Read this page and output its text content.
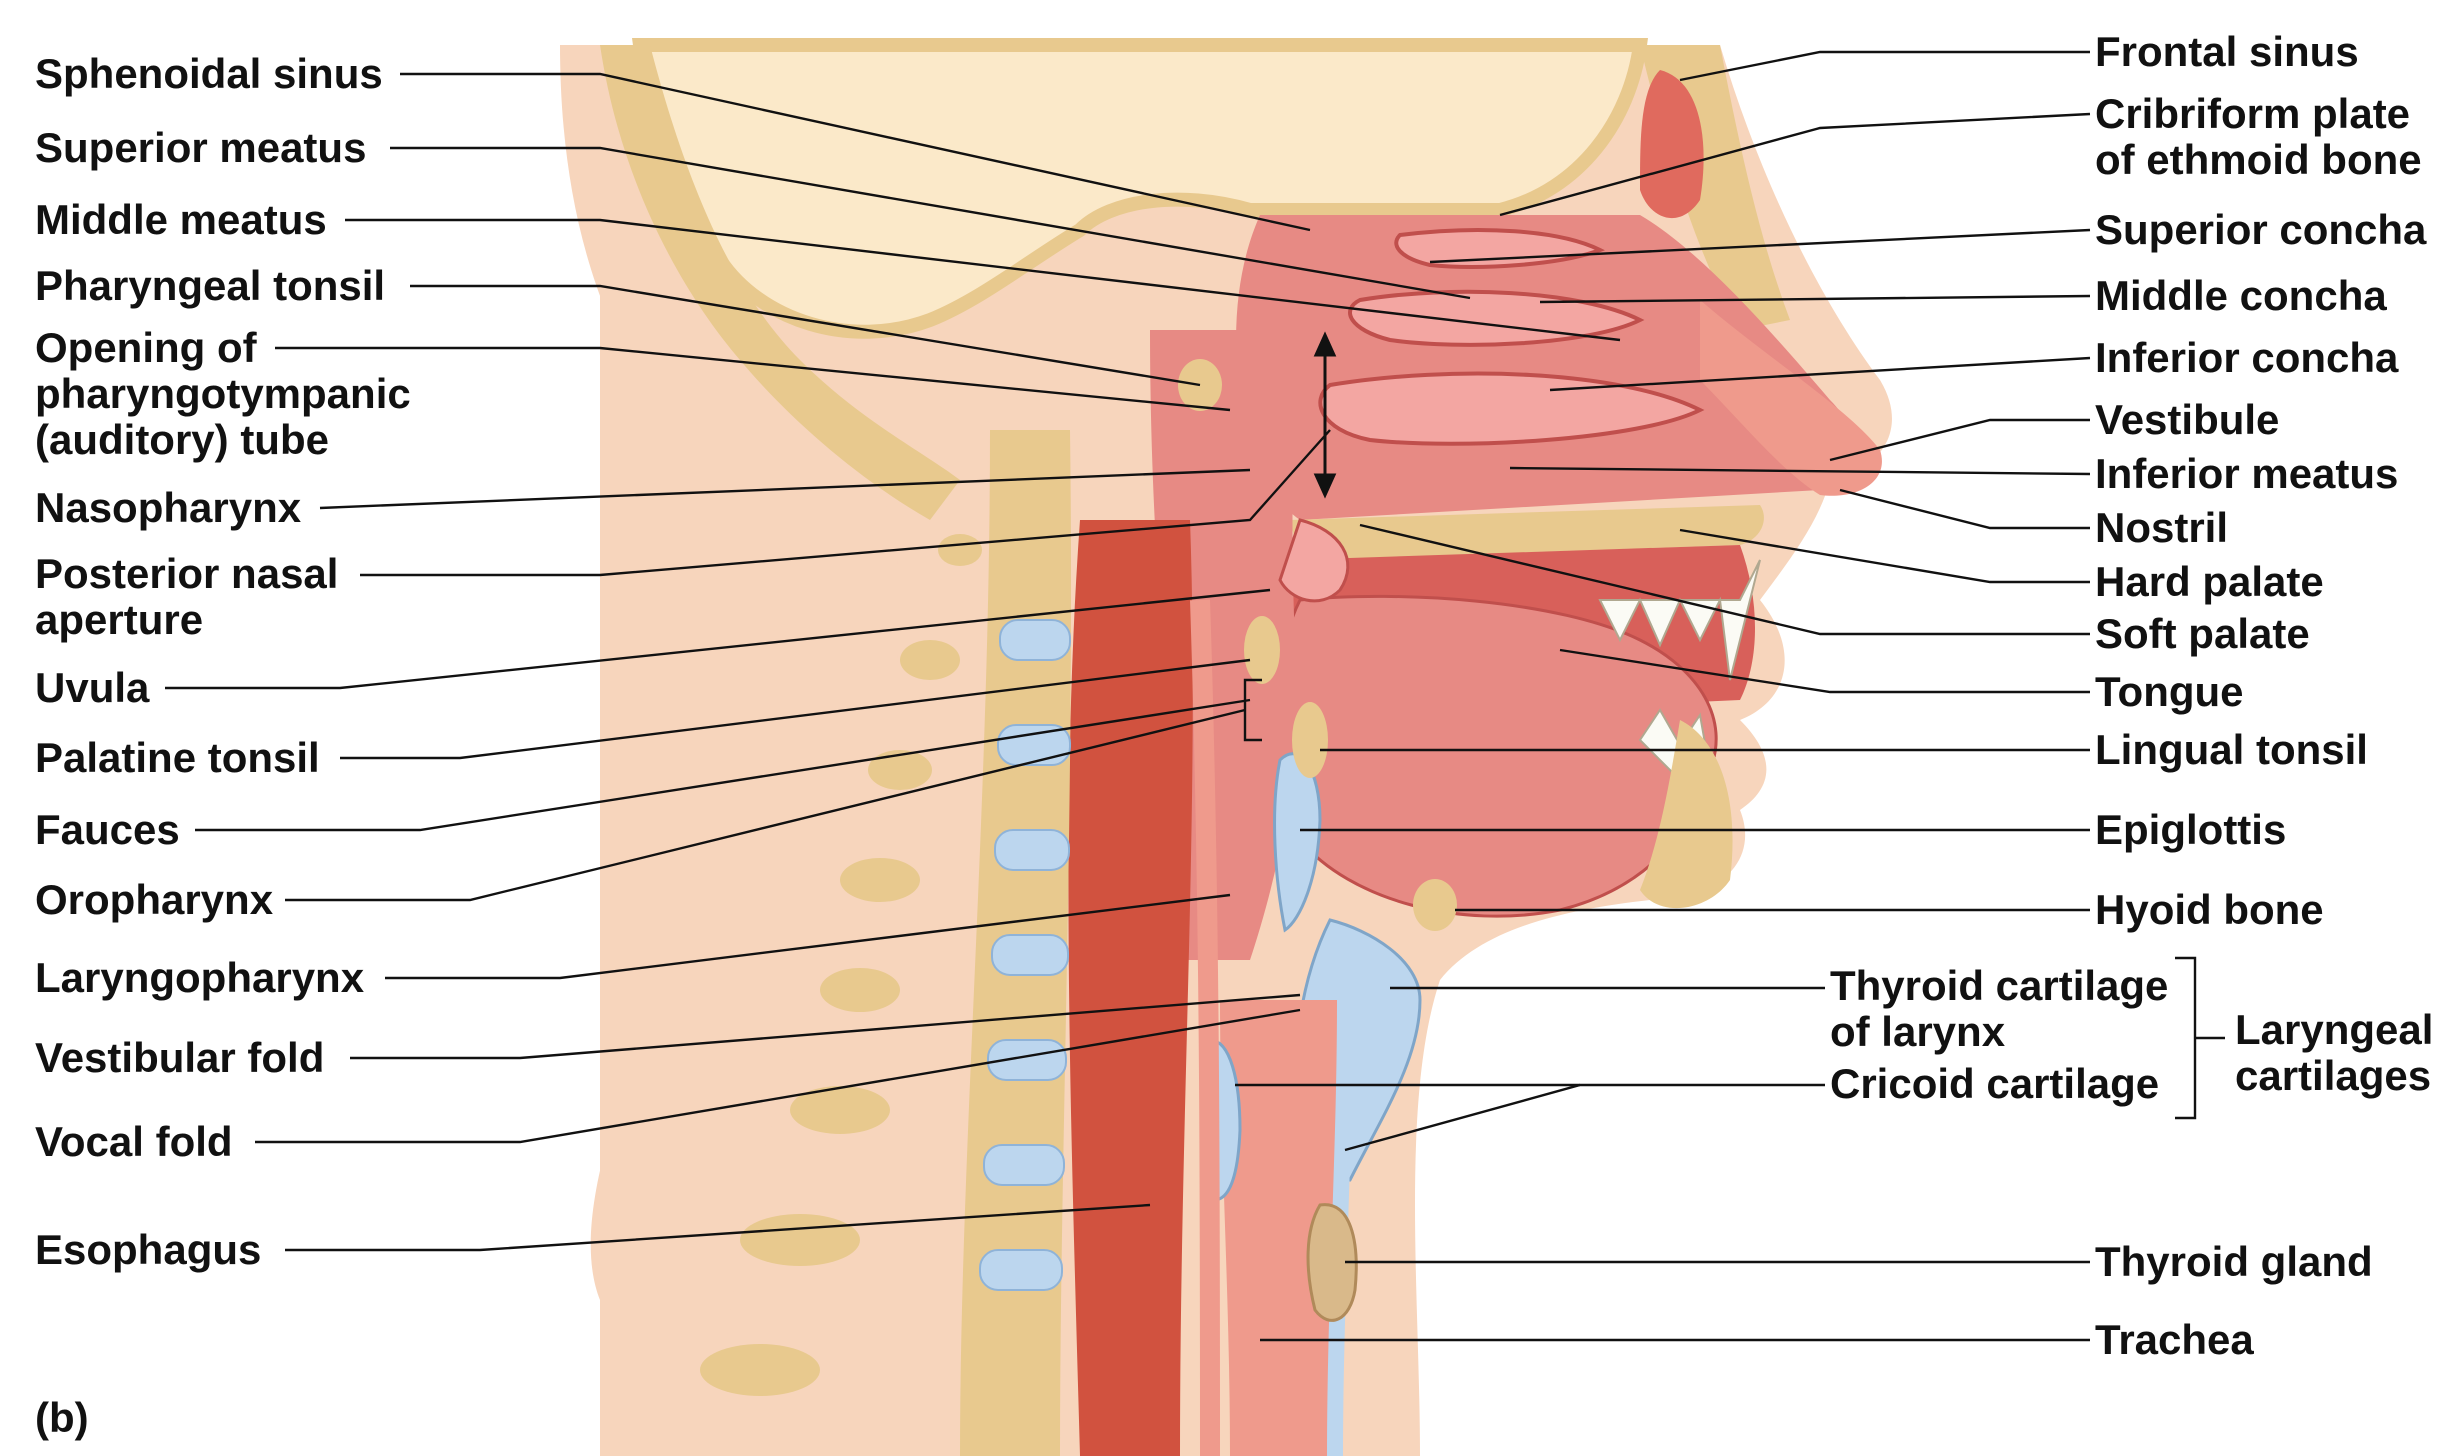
Sphenoidal sinus
Superior meatus
Middle meatus
Pharyngeal tonsil
Opening of
pharyngotympanic
(auditory) tube
Nasopharynx
Posterior nasal
aperture
Uvula
Palatine tonsil
Fauces
Oropharynx
Laryngopharynx
Vestibular fold
Vocal fold
Esophagus
(b)
Frontal sinus
Cribriform plate
of ethmoid bone
Superior concha
Middle concha
Inferior concha
Vestibule
Inferior meatus
Nostril
Hard palate
Soft palate
Tongue
Lingual tonsil
Epiglottis
Hyoid bone
Thyroid cartilage
of larynx
Cricoid cartilage
Laryngeal
cartilages
Thyroid gland
Trachea
